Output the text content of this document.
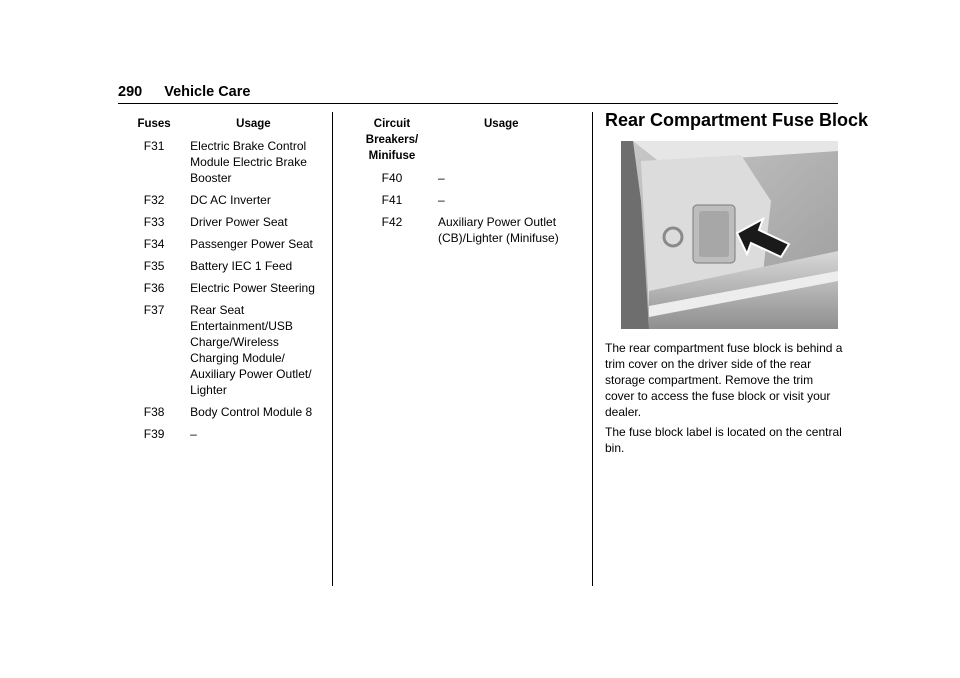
290 Vehicle Care
Fuses	Usage
F31	Electric Brake Control Module Electric Brake Booster
F32	DC AC Inverter
F33	Driver Power Seat
F34	Passenger Power Seat
F35	Battery IEC 1 Feed
F36	Electric Power Steering
F37	Rear Seat Entertainment/USB Charge/Wireless Charging Module/ Auxiliary Power Outlet/ Lighter
F38	Body Control Module 8
F39	–
Circuit Breakers/ Minifuse	Usage
F40	–
F41	–
F42	Auxiliary Power Outlet (CB)/Lighter (Minifuse)
Rear Compartment Fuse Block

The rear compartment fuse block is behind a trim cover on the driver side of the rear storage compartment. Remove the trim cover to access the fuse block or visit your dealer.

The fuse block label is located on the central bin.
